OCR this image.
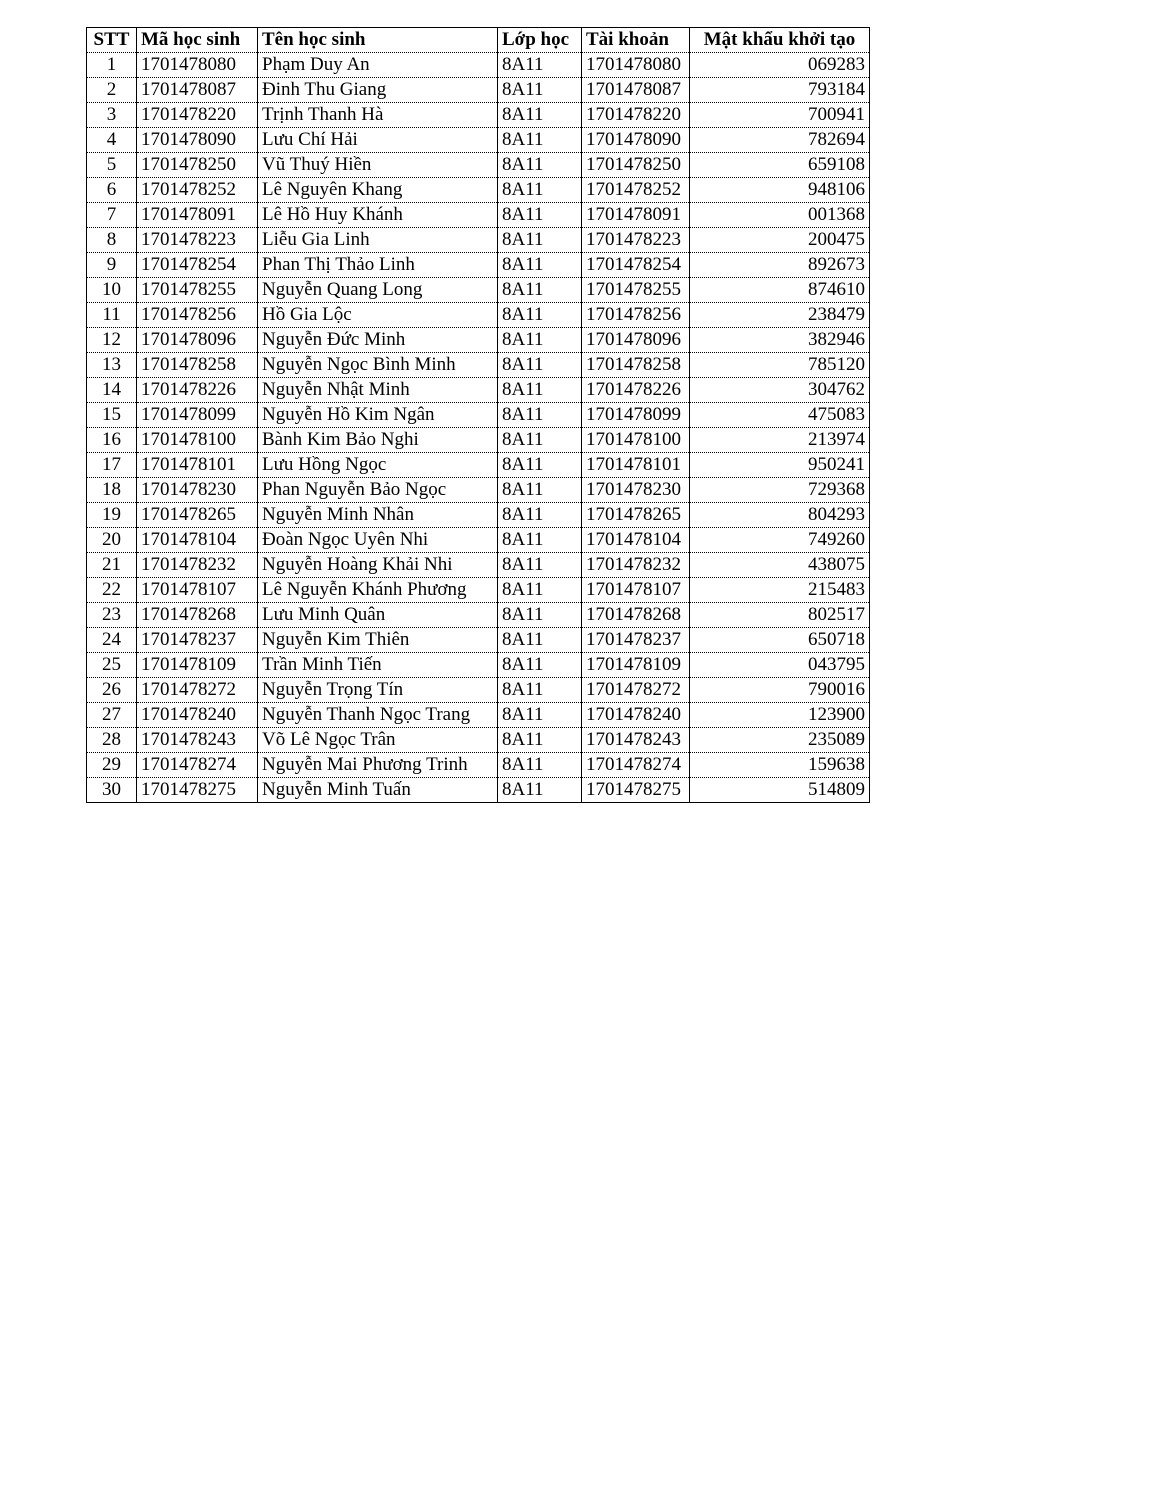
STT	Mã học sinh	Tên học sinh	Lớp học	Tài khoản	Mật khẩu khởi tạo
1	1701478080	Phạm Duy An	8A11	1701478080	069283
2	1701478087	Đinh Thu Giang	8A11	1701478087	793184
3	1701478220	Trịnh Thanh Hà	8A11	1701478220	700941
4	1701478090	Lưu Chí Hải	8A11	1701478090	782694
5	1701478250	Vũ Thuý Hiền	8A11	1701478250	659108
6	1701478252	Lê Nguyên Khang	8A11	1701478252	948106
7	1701478091	Lê Hồ Huy Khánh	8A11	1701478091	001368
8	1701478223	Liễu Gia Linh	8A11	1701478223	200475
9	1701478254	Phan Thị Thảo Linh	8A11	1701478254	892673
10	1701478255	Nguyễn Quang Long	8A11	1701478255	874610
11	1701478256	Hồ Gia Lộc	8A11	1701478256	238479
12	1701478096	Nguyễn Đức Minh	8A11	1701478096	382946
13	1701478258	Nguyễn Ngọc Bình Minh	8A11	1701478258	785120
14	1701478226	Nguyễn Nhật Minh	8A11	1701478226	304762
15	1701478099	Nguyễn Hồ Kim Ngân	8A11	1701478099	475083
16	1701478100	Bành Kim Bảo Nghi	8A11	1701478100	213974
17	1701478101	Lưu Hồng Ngọc	8A11	1701478101	950241
18	1701478230	Phan Nguyễn Bảo Ngọc	8A11	1701478230	729368
19	1701478265	Nguyễn Minh Nhân	8A11	1701478265	804293
20	1701478104	Đoàn Ngọc Uyên Nhi	8A11	1701478104	749260
21	1701478232	Nguyễn Hoàng Khải Nhi	8A11	1701478232	438075
22	1701478107	Lê Nguyễn Khánh Phương	8A11	1701478107	215483
23	1701478268	Lưu Minh Quân	8A11	1701478268	802517
24	1701478237	Nguyễn Kim Thiên	8A11	1701478237	650718
25	1701478109	Trần Minh Tiến	8A11	1701478109	043795
26	1701478272	Nguyễn Trọng Tín	8A11	1701478272	790016
27	1701478240	Nguyễn Thanh Ngọc Trang	8A11	1701478240	123900
28	1701478243	Võ Lê Ngọc Trân	8A11	1701478243	235089
29	1701478274	Nguyễn Mai Phương Trinh	8A11	1701478274	159638
30	1701478275	Nguyễn Minh Tuấn	8A11	1701478275	514809
